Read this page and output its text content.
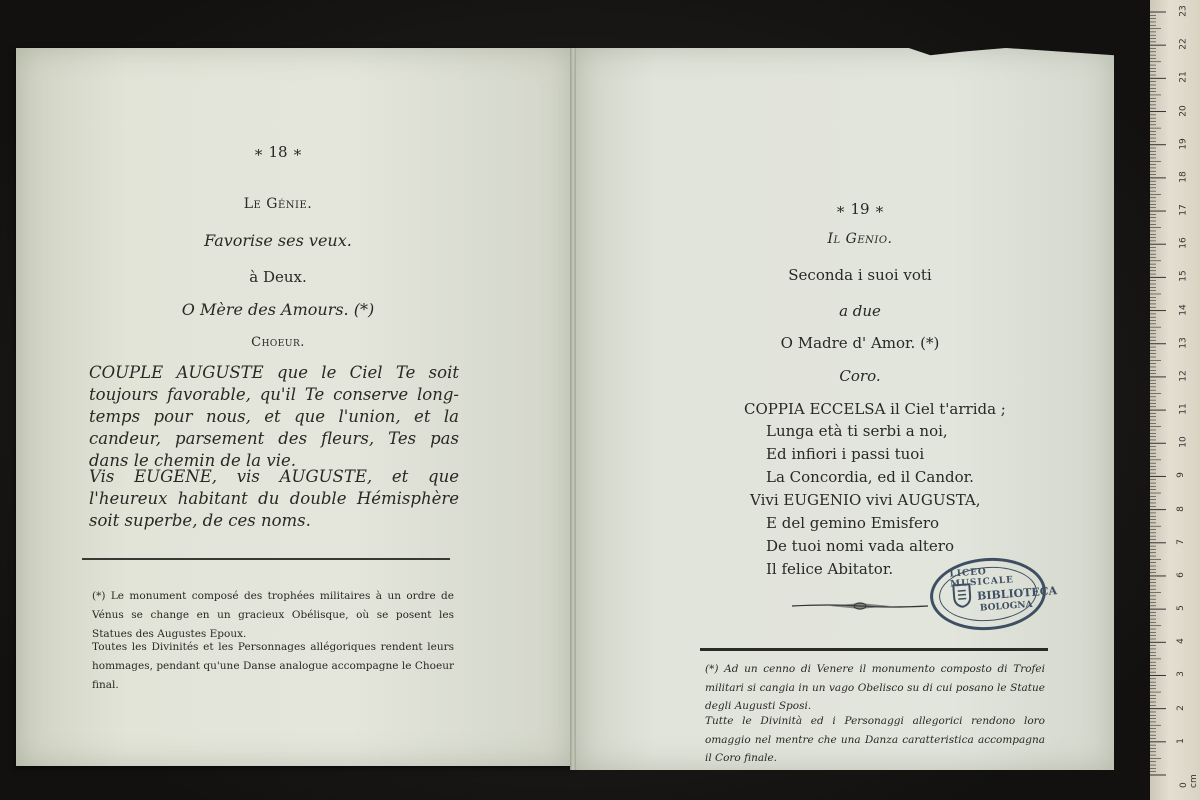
∗ 18 ∗
Le Génie.
Favorise ses veux.
à Deux.
O Mère des Amours. (*)
Choeur.
COUPLE AUGUSTE que le Ciel Te soit toujours favorable, qu'il Te conserve long-temps pour nous, et que l'union, et la candeur, parsement des fleurs, Tes pas dans le chemin de la vie.
Vis EUGENE, vis AUGUSTE, et que l'heureux habitant du double Hémisphère soit superbe, de ces noms.
(*) Le monument composé des trophées militaires à un ordre de Vénus se change en un gracieux Obélisque, où se posent les Statues des Augustes Epoux.
Toutes les Divinités et les Personnages allégoriques rendent leurs hommages, pendant qu'une Danse analogue accompagne le Choeur final.
∗ 19 ∗
Il Genio.
Seconda i suoi voti
a due
O Madre d' Amor. (*)
Coro.
COPPIA ECCELSA il Ciel t'arrida ;
Lunga età ti serbi a noi,
Ed infiori i passi tuoi
La Concordia, ed il Candor.
Vivi EUGENIO vivi AUGUSTA,
E del gemino Emisfero
De tuoi nomi vada altero
Il felice Abitator.	LICEO MUSICALE
BIBLIOTECA
BOLOGNA
(*) Ad un cenno di Venere il monumento composto di Trofei militari si cangia in un vago Obelisco su di cui posano le Statue degli Augusti Sposi.
Tutte le Divinità ed i Personaggi allegorici rendono loro omaggio nel mentre che una Danza caratteristica accompagna il Coro finale.
0 cm
1
2
3
4
5
6
7
8
9
10
11
12
13
14
15
16
17
18
19
20
21
22
23
